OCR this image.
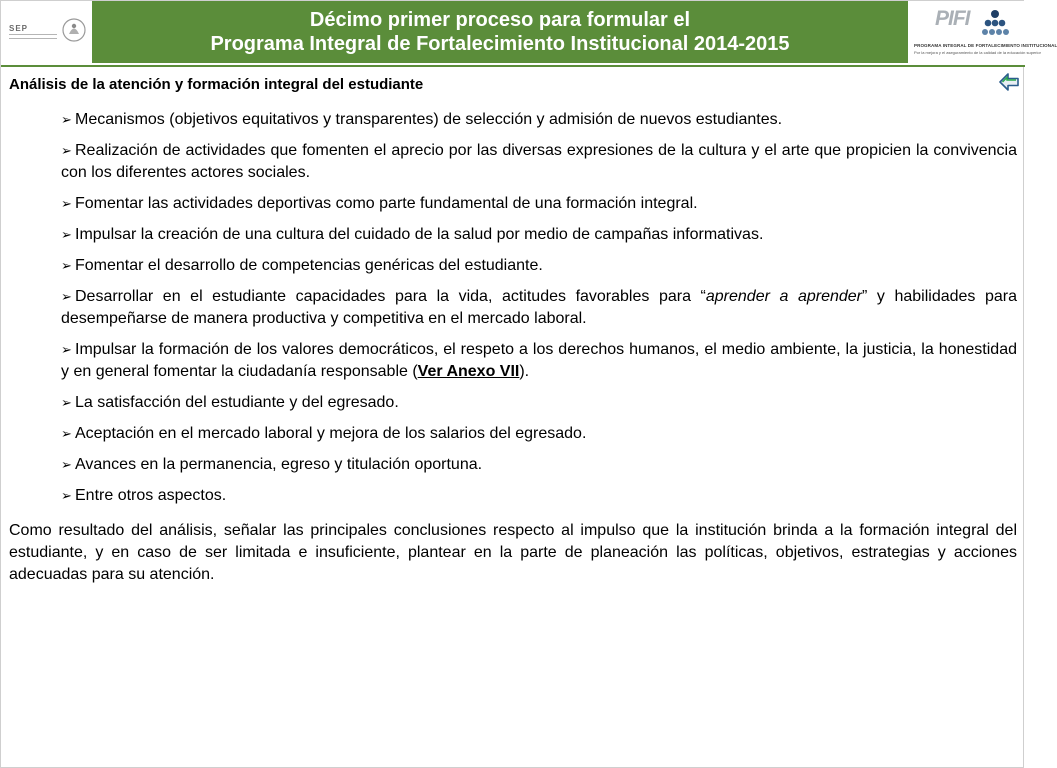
SEP	Décimo primer proceso para formular el
Programa Integral de Fortalecimiento Institucional 2014-2015
PIFI
PROGRAMA INTEGRAL DE FORTALECIMIENTO INSTITUCIONAL
Por la mejora y el aseguramiento de la calidad de la educación superior
Análisis de la atención y formación integral del estudiante
➢ Mecanismos (objetivos equitativos y transparentes) de selección y admisión de nuevos estudiantes.
➢ Realización de actividades que fomenten el aprecio por las diversas expresiones de la cultura y el arte que propicien la convivencia con los diferentes actores sociales.
➢ Fomentar las actividades deportivas como parte fundamental de una formación integral.
➢ Impulsar la creación de una cultura del cuidado de la salud por medio de campañas informativas.
➢ Fomentar el desarrollo de competencias genéricas del estudiante.
➢ Desarrollar en el estudiante capacidades para la vida, actitudes favorables para “aprender a aprender” y habilidades para desempeñarse de manera productiva y competitiva en el mercado laboral.
➢ Impulsar la formación de los valores democráticos, el respeto a los derechos humanos, el medio ambiente, la justicia, la honestidad y en general fomentar la ciudadanía responsable (Ver Anexo VII).
➢ La satisfacción del estudiante y del egresado.
➢ Aceptación en el mercado laboral y mejora de los salarios del egresado.
➢ Avances en la permanencia, egreso y titulación oportuna.
➢ Entre otros aspectos.

Como resultado del análisis, señalar las principales conclusiones respecto al impulso que la institución brinda a la formación integral del estudiante, y en caso de ser limitada e insuficiente, plantear en la parte de planeación las políticas, objetivos, estrategias y acciones adecuadas para su atención.
